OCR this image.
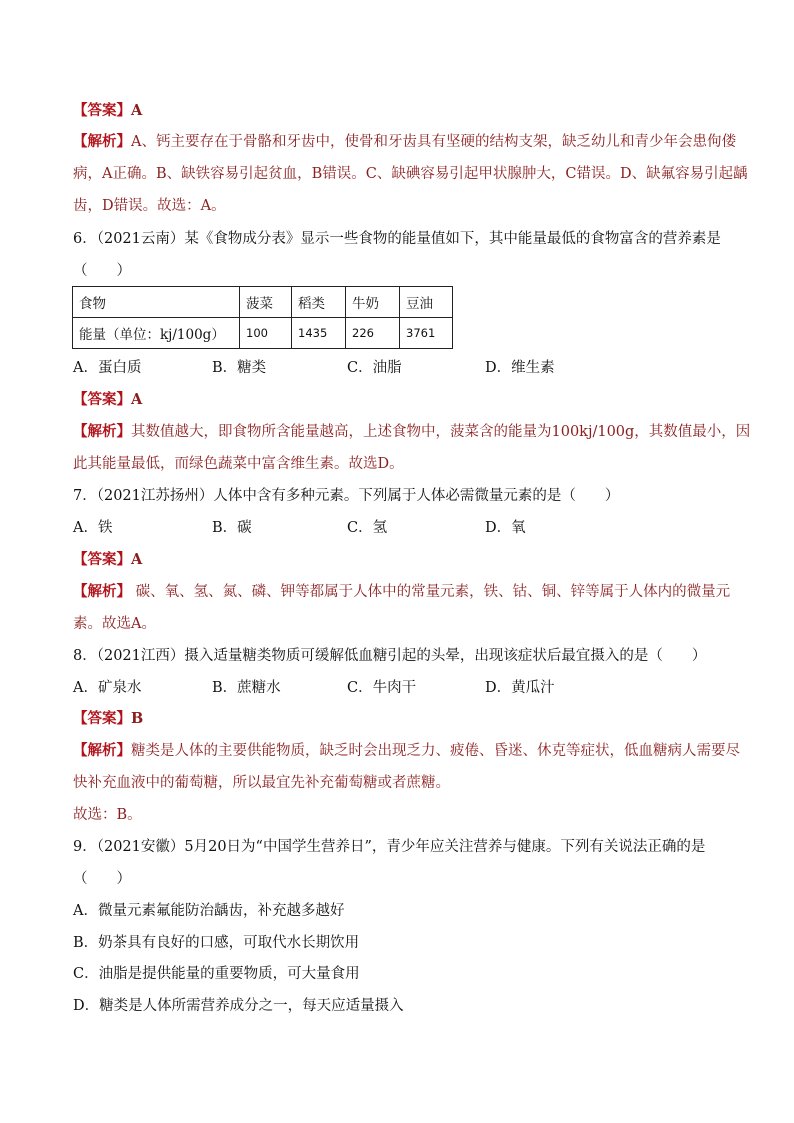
【答案】A
【解析】A、钙主要存在于骨骼和牙齿中，使骨和牙齿具有坚硬的结构支架，缺乏幼儿和青少年会患佝偻
病，A正确。B、缺铁容易引起贫血，B错误。C、缺碘容易引起甲状腺肿大，C错误。D、缺氟容易引起龋
齿，D错误。故选：A。
6．（2021云南）某《食物成分表》显示一些食物的能量值如下，其中能量最低的食物富含的营养素是
（　　）
食物	菠菜	稻类	牛奶	豆油
能量（单位：kj/100g）	100	1435	226	3761
A．蛋白质	B．糖类	C．油脂	D．维生素
【答案】A
【解析】其数值越大，即食物所含能量越高，上述食物中，菠菜含的能量为100kj/100g，其数值最小，因
此其能量最低，而绿色蔬菜中富含维生素。故选D。
7．（2021江苏扬州）人体中含有多种元素。下列属于人体必需微量元素的是（　　）
A．铁	B．碳	C．氢	D．氧
【答案】A
【解析】 碳、氧、氢、氮、磷、钾等都属于人体中的常量元素，铁、钴、铜、锌等属于人体内的微量元
素。故选A。
8．（2021江西）摄入适量糖类物质可缓解低血糖引起的头晕，出现该症状后最宜摄入的是（　　）
A．矿泉水	B．蔗糖水	C．牛肉干	D．黄瓜汁
【答案】B
【解析】糖类是人体的主要供能物质，缺乏时会出现乏力、疲倦、昏迷、休克等症状，低血糖病人需要尽
快补充血液中的葡萄糖，所以最宜先补充葡萄糖或者蔗糖。
故选：B。
9．（2021安徽）5月20日为“中国学生营养日”，青少年应关注营养与健康。下列有关说法正确的是
（　　）
A．微量元素氟能防治龋齿，补充越多越好
B．奶茶具有良好的口感，可取代水长期饮用
C．油脂是提供能量的重要物质，可大量食用
D．糖类是人体所需营养成分之一，每天应适量摄入
